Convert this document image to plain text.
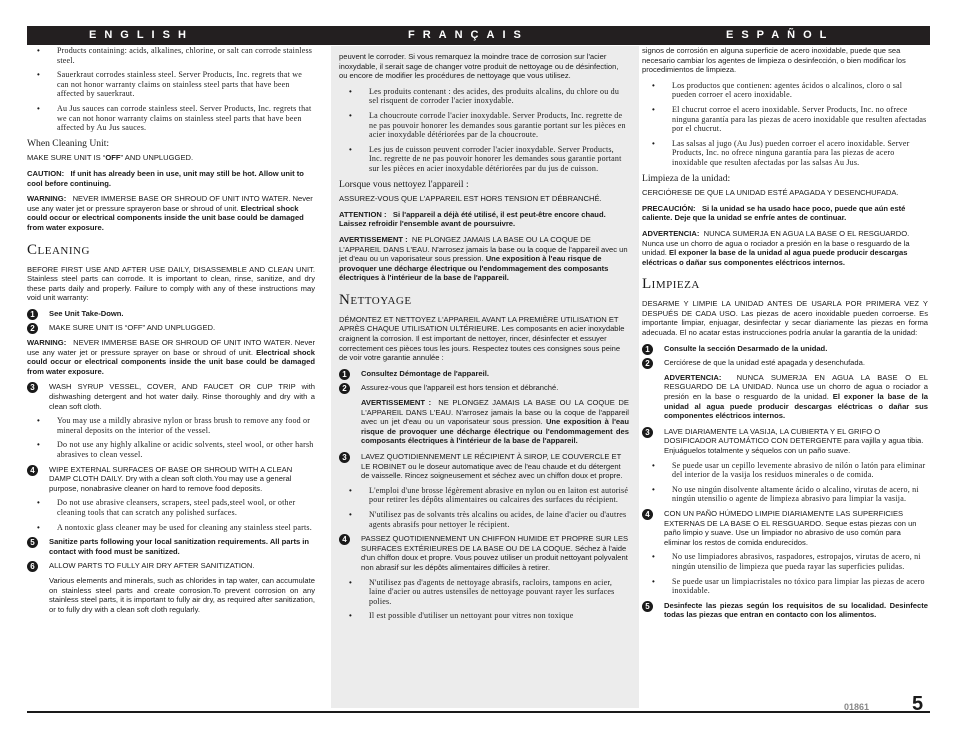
ENGLISH	FRANÇAIS	ESPAÑOL
• Products containing: acids, alkalines, chlorine, or salt can corrode stainless steel.
• Sauerkraut corrodes stainless steel. Server Products, Inc. regrets that we can not honor warranty claims on stainless steel parts that have been affected by sauerkraut.
• Au Jus sauces can corrode stainless steel. Server Products, Inc. regrets that we can not honor warranty claims on stainless steel parts that have been affected by Au Jus sauces.
When Cleaning Unit:

MAKE SURE UNIT IS “OFF” AND UNPLUGGED.

CAUTION: If unit has already been in use, unit may still be hot. Allow unit to cool before continuing.

WARNING: NEVER IMMERSE BASE OR SHROUD OF UNIT INTO WATER. Never use any water jet or pressure sprayeron base or shroud of unit. Electrical shock could occur or electrical components inside the unit base could be damaged from water exposure.

CLEANING

BEFORE FIRST USE AND AFTER USE DAILY, DISASSEMBLE AND CLEAN UNIT. Stainless steel parts can corrode. It is important to clean, rinse, sanitize, and dry these parts daily and properly. Failure to comply with any of these instructions may void unit warranty:

1	See Unit Take-Down.
2	MAKE SURE UNIT IS “OFF” AND UNPLUGGED.

WARNING: NEVER IMMERSE BASE OR SHROUD OF UNIT INTO WATER. Never use any water jet or pressure sprayer on base or shroud of unit. Electrical shock could occur or electrical components inside the unit base could be damaged from water exposure.

3	WASH SYRUP VESSEL, COVER, AND FAUCET OR CUP TRIP with dishwashing detergent and hot water daily. Rinse thoroughly and dry with a clean soft cloth.
• You may use a mildly abrasive nylon or brass brush to remove any food or mineral deposits on the interior of the vessel.
• Do not use any highly alkaline or acidic solvents, steel wool, or other harsh abrasives to clean vessel.
4	WIPE EXTERNAL SURFACES OF BASE OR SHROUD WITH A CLEAN DAMP CLOTH DAILY. Dry with a clean soft cloth.You may use a general purpose, nonabrasive cleaner on hard to remove food deposits.
• Do not use abrasive cleansers, scrapers, steel pads,steel wool, or other cleaning tools that can scratch any polished surfaces.
• A nontoxic glass cleaner may be used for cleaning any stainless steel parts.
5	Sanitize parts following your local sanitization requirements. All parts in contact with food must be sanitized.
6	ALLOW PARTS TO FULLY AIR DRY AFTER SANITIZATION.

Various elements and minerals, such as chlorides in tap water, can accumulate on stainless steel parts and create corrosion.To prevent corrosion on any stainless steel parts, it is important to fully air dry, as required after sanitization, or to fully dry with a clean soft cloth regularly.

peuvent le corroder. Si vous remarquez la moindre trace de corrosion sur l'acier inoxydable, il serait sage de changer votre produit de nettoyage ou de désinfection, ou encore de modifier les procédures de nettoyage que vous utilisez.

• Les produits contenant : des acides, des produits alcalins, du chlore ou du sel risquent de corroder l'acier inoxydable.
• La choucroute corrode l'acier inoxydable. Server Products, Inc. regrette de ne pas pouvoir honorer les demandes sous garantie portant sur les pièces en acier inoxydable détériorées par de la choucroute.
• Les jus de cuisson peuvent corroder l'acier inoxydable. Server Products, Inc. regrette de ne pas pouvoir honorer les demandes sous garantie portant sur les pièces en acier inoxydable détériorées par du jus de cuisson.
Lorsque vous nettoyez l'appareil :

ASSUREZ-VOUS QUE L'APPAREIL EST HORS TENSION ET DÉBRANCHÉ.

ATTENTION : Si l'appareil a déjà été utilisé, il est peut-être encore chaud. Laissez refroidir l'ensemble avant de poursuivre.

AVERTISSEMENT : NE PLONGEZ JAMAIS LA BASE OU LA COQUE DE L'APPAREIL DANS L'EAU. N'arrosez jamais la base ou la coque de l'appareil avec un jet d'eau ou un vaporisateur sous pression. Une exposition à l'eau risque de provoquer une décharge électrique ou l'endommagement des composants électriques à l'intérieur de la base de l'appareil.

NETTOYAGE

DÉMONTEZ ET NETTOYEZ L'APPAREIL AVANT LA PREMIÈRE UTILISATION ET APRÈS CHAQUE UTILISATION ULTÉRIEURE. Les composants en acier inoxydable craignent la corrosion. Il est important de nettoyer, rincer, désinfecter et essuyer correctement ces pièces tous les jours. Respectez toutes ces consignes sous peine de voir votre garantie annulée :

1	Consultez Démontage de l'appareil.
2	Assurez-vous que l'appareil est hors tension et débranché.

AVERTISSEMENT : NE PLONGEZ JAMAIS LA BASE OU LA COQUE DE L'APPAREIL DANS L'EAU. N'arrosez jamais la base ou la coque de l'appareil avec un jet d'eau ou un vaporisateur sous pression. Une exposition à l'eau risque de provoquer une décharge électrique ou l'endommagement des composants électriques à l'intérieur de la base de l'appareil.

3	LAVEZ QUOTIDIENNEMENT LE RÉCIPIENT À SIROP, LE COUVERCLE ET LE ROBINET ou le doseur automatique avec de l'eau chaude et du détergent de vaisselle. Rincez soigneusement et séchez avec un chiffon doux et propre.
• L'emploi d'une brosse légèrement abrasive en nylon ou en laiton est autorisé pour retirer les dépôts alimentaires ou calcaires des surfaces du récipient.
• N'utilisez pas de solvants très alcalins ou acides, de laine d'acier ou d'autres agents abrasifs pour nettoyer le récipient.
4	PASSEZ QUOTIDIENNEMENT UN CHIFFON HUMIDE ET PROPRE SUR LES SURFACES EXTÉRIEURES DE LA BASE OU DE LA COQUE. Séchez à l'aide d'un chiffon doux et propre. Vous pouvez utiliser un produit nettoyant polyvalent non abrasif sur les dépôts alimentaires difficiles à retirer.
• N'utilisez pas d'agents de nettoyage abrasifs, racloirs, tampons en acier, laine d'acier ou autres ustensiles de nettoyage pouvant rayer les surfaces polies.
• Il est possible d'utiliser un nettoyant pour vitres non toxique

signos de corrosión en alguna superficie de acero inoxidable, puede que sea necesario cambiar los agentes de limpieza o desinfección, o bien modificar los procedimientos de limpieza.

• Los productos que contienen: agentes ácidos o alcalinos, cloro o sal pueden corroer el acero inoxidable.
• El chucrut corroe el acero inoxidable. Server Products, Inc. no ofrece ninguna garantía para las piezas de acero inoxidable que resulten afectadas por el chucrut.
• Las salsas al jugo (Au Jus) pueden corroer el acero inoxidable. Server Products, Inc. no ofrece ninguna garantía para las piezas de acero inoxidable que resulten afectadas por las salsas Au Jus.
Limpieza de la unidad:

CERCIÓRESE DE QUE LA UNIDAD ESTÉ APAGADA Y DESENCHUFADA.

PRECAUCIÓN: Si la unidad se ha usado hace poco, puede que aún esté caliente. Deje que la unidad se enfríe antes de continuar.

ADVERTENCIA: NUNCA SUMERJA EN AGUA LA BASE O EL RESGUARDO. Nunca use un chorro de agua o rociador a presión en la base o resguardo de la unidad. El exponer la base de la unidad al agua puede producir descargas eléctricas o dañar sus componentes eléctricos internos.

LIMPIEZA

DESARME Y LIMPIE LA UNIDAD ANTES DE USARLA POR PRIMERA VEZ Y DESPUÉS DE CADA USO. Las piezas de acero inoxidable pueden corroerse. Es importante limpiar, enjuagar, desinfectar y secar diariamente las piezas en forma adecuada. El no acatar estas instrucciones podría anular la garantía de la unidad:

1	Consulte la sección Desarmado de la unidad.
2	Cerciórese de que la unidad esté apagada y desenchufada.

ADVERTENCIA: NUNCA SUMERJA EN AGUA LA BASE O EL RESGUARDO DE LA UNIDAD. Nunca use un chorro de agua o rociador a presión en la base o resguardo de la unidad. El exponer la base de la unidad al agua puede producir descargas eléctricas o dañar sus componentes eléctricos internos.

3	LAVE DIARIAMENTE LA VASIJA, LA CUBIERTA Y EL GRIFO O DOSIFICADOR AUTOMÁTICO CON DETERGENTE para vajilla y agua tibia. Enjuáguelos totalmente y séquelos con un paño suave.
• Se puede usar un cepillo levemente abrasivo de nilón o latón para eliminar del interior de la vasija los residuos minerales o de comida.
• No use ningún disolvente altamente ácido o alcalino, virutas de acero, ni ningún utensilio o agente de limpieza abrasivo para limpiar la vasija.
4	CON UN PAÑO HÚMEDO LIMPIE DIARIAMENTE LAS SUPERFICIES EXTERNAS DE LA BASE O EL RESGUARDO. Seque estas piezas con un paño limpio y suave. Use un limpiador no abrasivo de uso común para eliminar los restos de comida endurecidos.
• No use limpiadores abrasivos, raspadores, estropajos, virutas de acero, ni ningún utensilio de limpieza que pueda rayar las superficies pulidas.
• Se puede usar un limpiacristales no tóxico para limpiar las piezas de acero inoxidable.
5	Desinfecte las piezas según los requisitos de su localidad. Desinfecte todas las piezas que entran en contacto con los alimentos.
01861 5
